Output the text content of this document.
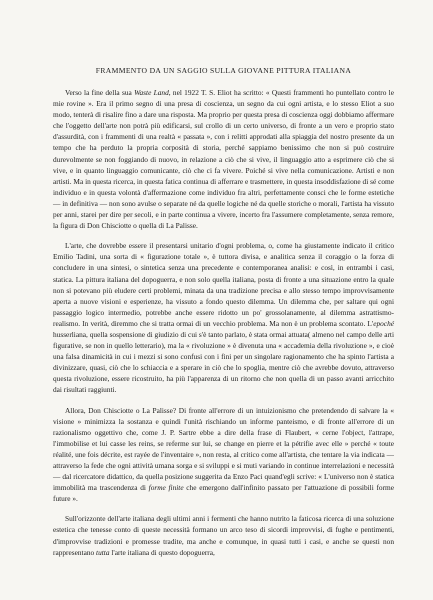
FRAMMENTO DA UN SAGGIO SULLA GIOVANE PITTURA ITALIANA
Verso la fine della sua Waste Land, nel 1922 T. S. Eliot ha scritto: « Questi frammenti ho puntellato contro le mie rovine ». Era il primo segno di una presa di coscienza, un segno da cui ogni artista, e lo stesso Eliot a suo modo, tenterà di risalire fino a dare una risposta. Ma proprio per questa presa di coscienza oggi dobbiamo affermare che l'oggetto dell'arte non potrà più edificarsi, sul crollo di un certo universo, di fronte a un vero e proprio stato d'assurdità, con i frammenti di una realtà « passata », con i relitti approdati alla spiaggia del nostro presente da un tempo che ha perduto la propria corposità di storia, perché sappiamo benissimo che non si può costruire durevolmente se non foggiando di nuovo, in relazione a ciò che si vive, il linguaggio atto a esprimere ciò che si vive, e in quanto linguaggio comunicante, ciò che ci fa vivere. Poiché si vive nella comunicazione. Artisti e non artisti. Ma in questa ricerca, in questa fatica continua di afferrare e trasmettere, in questa insoddisfazione di sé come individuo e in questa volontà d'affermazione come individuo fra altri, perfettamente consci che le forme estetiche — in definitiva — non sono avulse o separate né da quelle logiche né da quelle storiche o morali, l'artista ha vissuto per anni, starei per dire per secoli, e in parte continua a vivere, incerto fra l'assumere completamente, senza remore, la figura di Don Chisciotte o quella di La Palisse.
L'arte, che dovrebbe essere il presentarsi unitario d'ogni problema, o, come ha giustamente indicato il critico Emilio Tadini, una sorta di « figurazione totale », è tuttora divisa, e analitica senza il coraggio o la forza di concludere in una sintesi, o sintetica senza una precedente e contemporanea analisi: e così, in entrambi i casi, statica. La pittura italiana del dopoguerra, e non solo quella italiana, posta di fronte a una situazione entro la quale non si potevano più eludere certi problemi, minata da una tradizione precisa e allo stesso tempo improvvisamente aperta a nuove visioni e esperienze, ha vissuto a fondo questo dilemma. Un dilemma che, per saltare qui ogni passaggio logico intermedio, potrebbe anche essere ridotto un po' grossolanamente, al dilemma astrattismo-realismo. In verità, diremmo che si tratta ormai di un vecchio problema. Ma non è un problema scontato. L'epoché husserliana, quella sospensione di giudizio di cui s'è tanto parlato, è stata ormai attuata( almeno nel campo delle arti figurative, se non in quello letterario), ma la « rivoluzione » è divenuta una « accademia della rivoluzione », e cioè una falsa dinamicità in cui i mezzi si sono confusi con i fini per un singolare ragionamento che ha spinto l'artista a divinizzare, quasi, ciò che lo schiaccia e a sperare in ciò che lo spoglia, mentre ciò che avrebbe dovuto, attraverso questa rivoluzione, essere ricostruito, ha più l'apparenza di un ritorno che non quella di un passo avanti arricchito dai risultati raggiunti.
Allora, Don Chisciotte o La Palisse? Di fronte all'errore di un intuizionismo che pretendendo di salvare la « visione » minimizza la sostanza e quindi l'unità rischiando un informe panteismo, e di fronte all'errore di un razionalismo oggettivo che, come J. P. Sartre ebbe a dire della frase di Flaubert, « cerne l'object, l'attrape, l'immobilise et lui casse les reins, se referme sur lui, se change en pierre et la pétrifie avec elle » perché « toute réalité, une fois décrite, est rayée de l'inventaire », non resta, al critico come all'artista, che tentare la via indicata — attraverso la fede che ogni attività umana sorga e si sviluppi e si muti variando in continue interrelazioni e necessità — dal ricercatore didattico, da quella posizione suggerita da Enzo Paci quand'egli scrive: « L'universo non è statica immobilità ma trascendenza di forme finite che emergono dall'infinito passato per l'attuazione di possibili forme future ».
Sull'orizzonte dell'arte italiana degli ultimi anni i fermenti che hanno nutrito la faticosa ricerca di una soluzione estetica che tenesse conto di queste necessità formano un arco teso di sicordi improvvisi, di fughe e pentimenti, d'improvvise tradizioni e promesse tradite, ma anche e comunque, in quasi tutti i casi, e anche se questi non rappresentano tutta l'arte italiana di questo dopoguerra,
